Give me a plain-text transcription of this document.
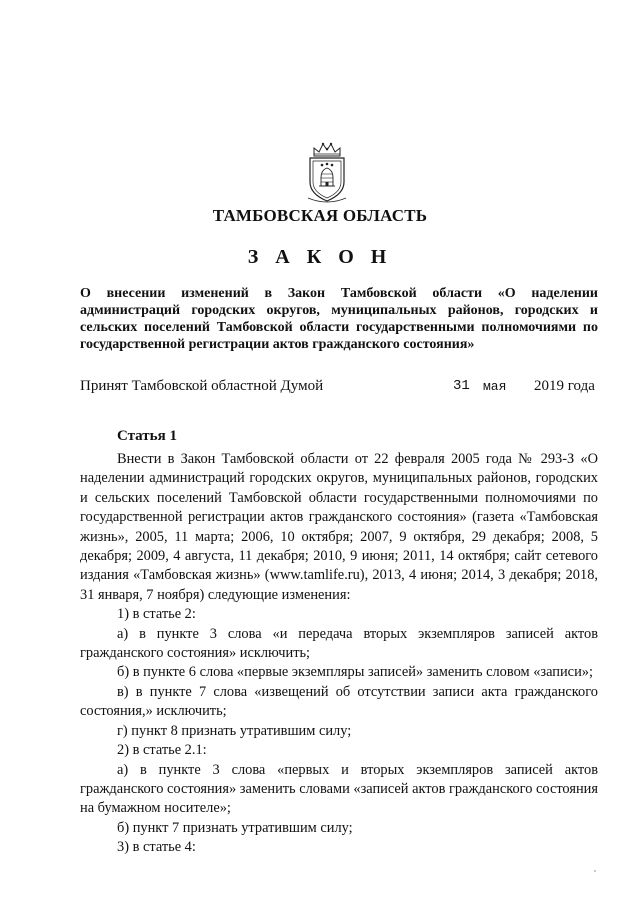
ТАМБОВСКАЯ ОБЛАСТЬ
З А К О Н

О внесении изменений в Закон Тамбовской области «О наделении администраций городских округов, муниципальных районов, городских и сельских поселений Тамбовской области государственными полномочиями по государственной регистрации актов гражданского состояния»

Принят Тамбовской областной Думой	31 мая 2019 года
Статья 1

Внести в Закон Тамбовской области от 22 февраля 2005 года № 293-З «О наделении администраций городских округов, муниципальных районов, городских и сельских поселений Тамбовской области государственными полномочиями по государственной регистрации актов гражданского состояния» (газета «Тамбовская жизнь», 2005, 11 марта; 2006, 10 октября; 2007, 9 октября, 29 декабря; 2008, 5 декабря; 2009, 4 августа, 11 декабря; 2010, 9 июня; 2011, 14 октября; сайт сетевого издания «Тамбовская жизнь» (www.tamlife.ru), 2013, 4 июня; 2014, 3 декабря; 2018, 31 января, 7 ноября) следующие изменения:

1) в статье 2:

а) в пункте 3 слова «и передача вторых экземпляров записей актов гражданского состояния» исключить;

б) в пункте 6 слова «первые экземпляры записей» заменить словом «записи»;

в) в пункте 7 слова «извещений об отсутствии записи акта гражданского состояния,» исключить;

г) пункт 8 признать утратившим силу;

2) в статье 2.1:

а) в пункте 3 слова «первых и вторых экземпляров записей актов гражданского состояния» заменить словами «записей актов гражданского состояния на бумажном носителе»;

б) пункт 7 признать утратившим силу;

3) в статье 4:
